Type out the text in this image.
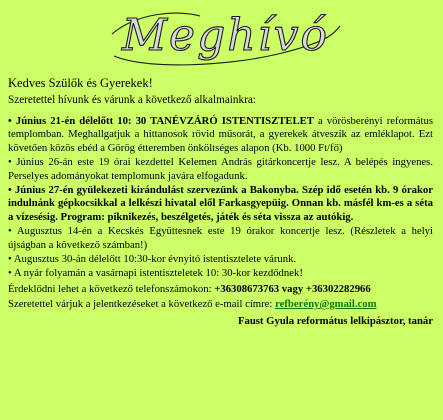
Meghívó
Kedves Szülők és Gyerekek!
Szeretettel hívunk és várunk a következő alkalmainkra:
• Június 21-én délelőtt 10: 30 TANÉVZÁRÓ ISTENTISZTELET a vörösberényi református templomban. Meghallgatjuk a hittanosok rövid műsorát, a gyerekek átveszik az emléklapot. Ezt követően közös ebéd a Görög étteremben önköltséges alapon (Kb. 1000 Ft/fő)
• Június 26-án este 19 órai kezdettel Kelemen András gitárkoncertje lesz. A belépés ingyenes. Perselyes adományokat templomunk javára elfogadunk.
• Június 27-én gyülekezeti kirándulást szervezünk a Bakonyba. Szép idő esetén kb. 9 órakor indulnánk gépkocsikkal a lelkészi hivatal elől Farkasgyepüig. Onnan kb. másfél km-es a séta a vízesésig. Program: piknikezés, beszélgetés, játék és séta vissza az autókig.
• Augusztus 14-én a Kecskés Együttesnek este 19 órakor koncertje lesz. (Részletek a helyi újságban a következő számban!)
• Augusztus 30-án délelőtt 10:30-kor évnyitó istentisztelete várunk.
• A nyár folyamán a vasárnapi istentiszteletek 10: 30-kor kezdődnek!
Érdeklődni lehet a következő telefonszámokon: +36308673763 vagy +36302282966
Szeretettel várjuk a jelentkezéseket a következő e-mail címre: refberény@gmail.com
Faust Gyula református lelkipásztor, tanár
